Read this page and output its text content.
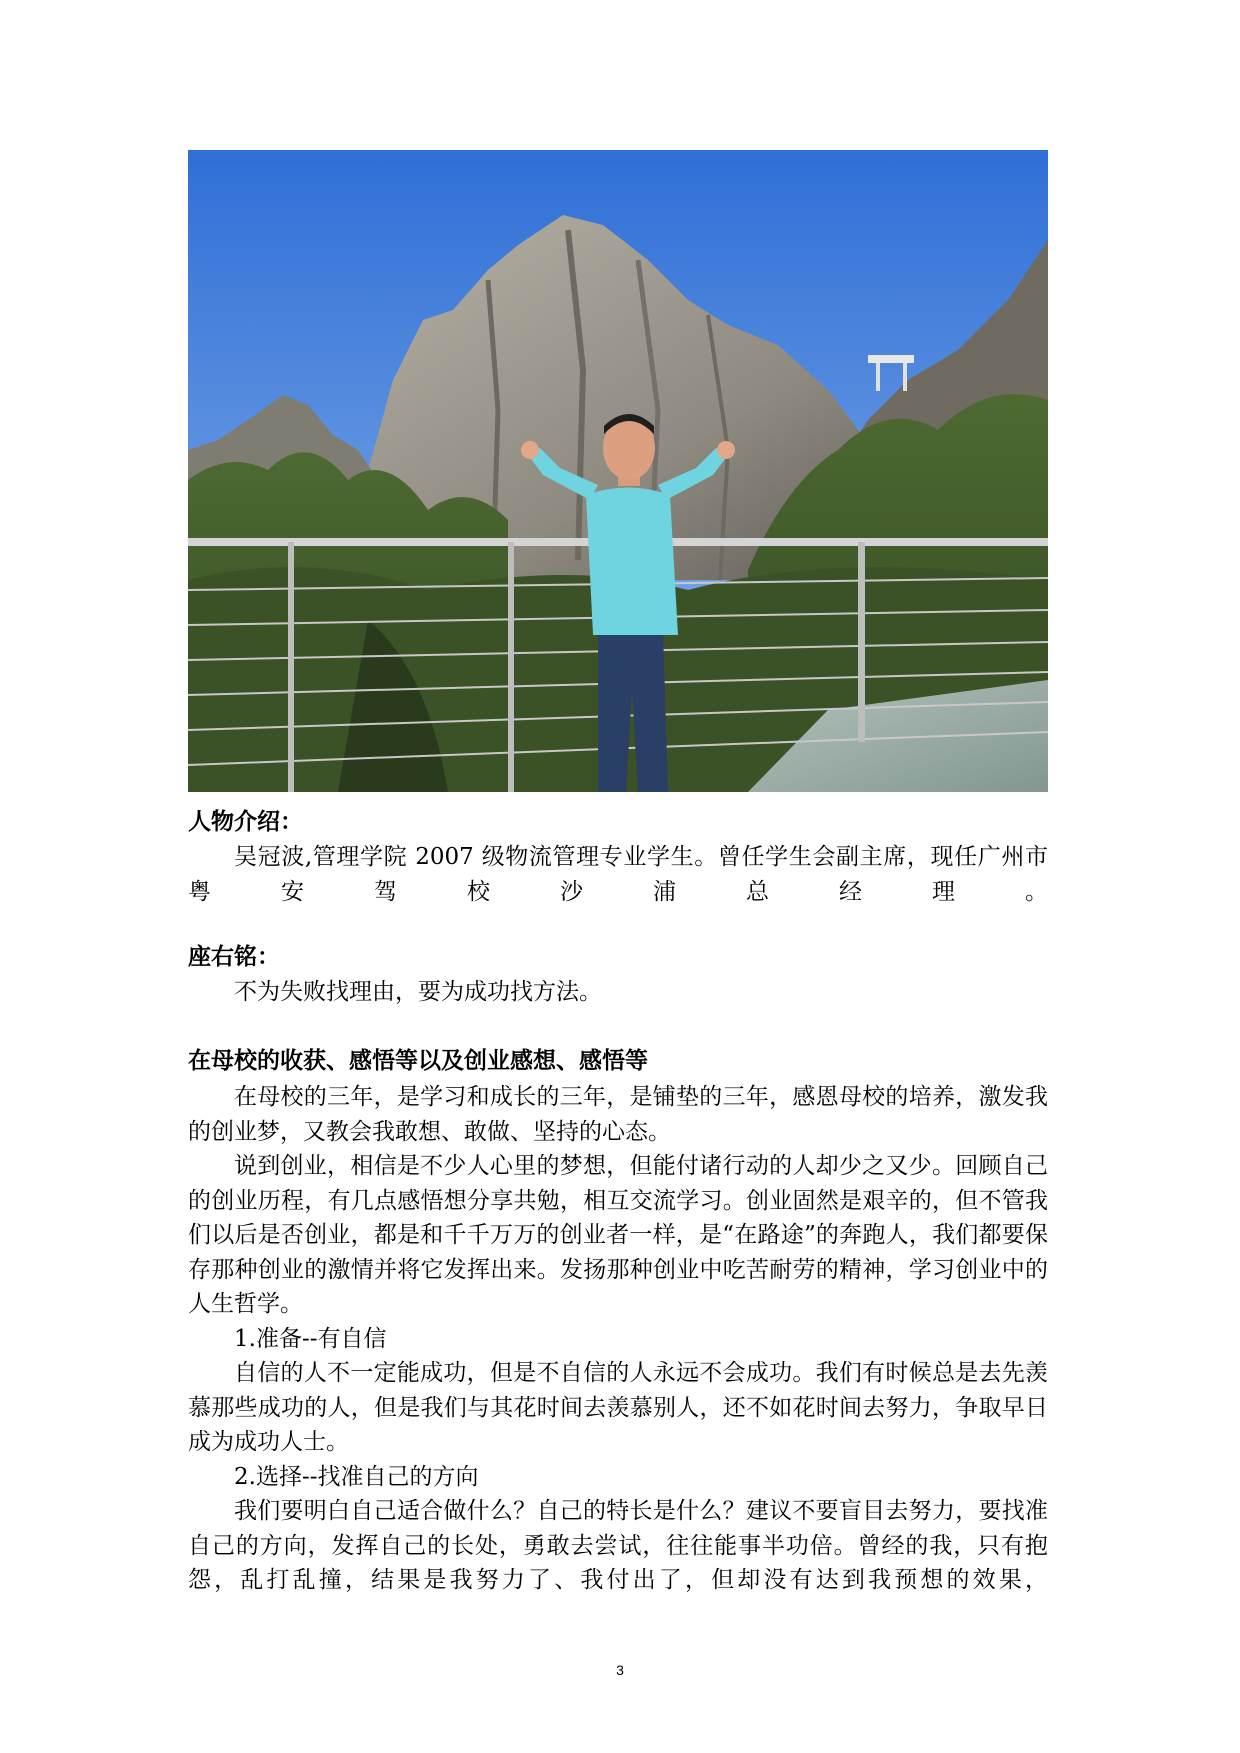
人物介绍：

吴冠波,管理学院 2007 级物流管理专业学生。曾任学生会副主席，现任广州市粤安驾校沙浦总经理。

座右铭：

不为失败找理由，要为成功找方法。

在母校的收获、感悟等以及创业感想、感悟等

在母校的三年，是学习和成长的三年，是铺垫的三年，感恩母校的培养，激发我的创业梦，又教会我敢想、敢做、坚持的心态。

说到创业，相信是不少人心里的梦想，但能付诸行动的人却少之又少。回顾自己的创业历程，有几点感悟想分享共勉，相互交流学习。创业固然是艰辛的，但不管我们以后是否创业，都是和千千万万的创业者一样，是“在路途”的奔跑人，我们都要保存那种创业的激情并将它发挥出来。发扬那种创业中吃苦耐劳的精神，学习创业中的人生哲学。

1.准备--有自信

自信的人不一定能成功，但是不自信的人永远不会成功。我们有时候总是去先羡慕那些成功的人，但是我们与其花时间去羡慕别人，还不如花时间去努力，争取早日成为成功人士。

2.选择--找准自己的方向

我们要明白自己适合做什么？自己的特长是什么？建议不要盲目去努力，要找准自己的方向，发挥自己的长处，勇敢去尝试，往往能事半功倍。曾经的我，只有抱怨，乱打乱撞，结果是我努力了、我付出了，但却没有达到我预想的效果，

3
